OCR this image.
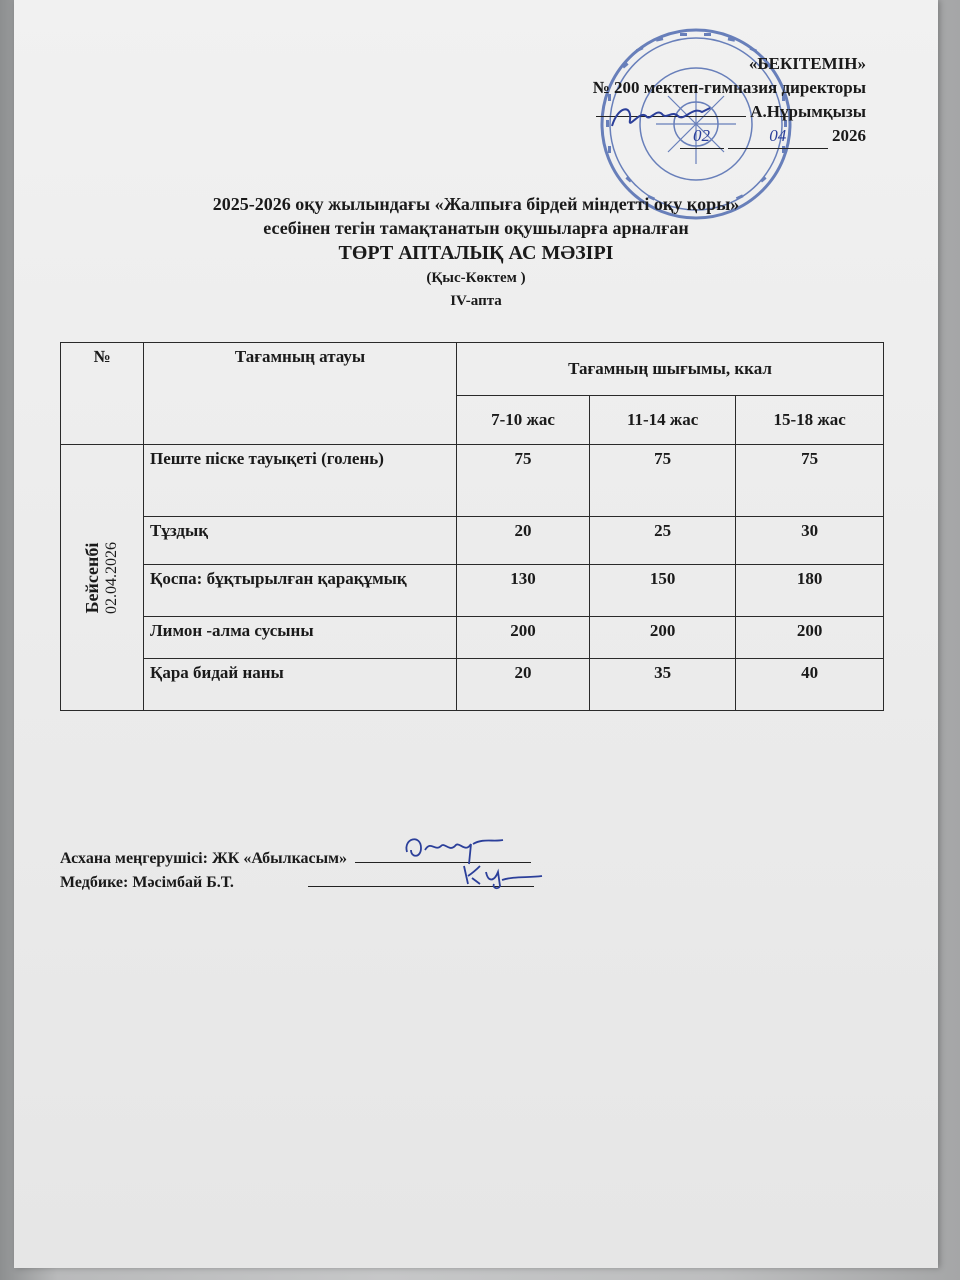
«БЕКІТЕМІН»
№ 200 мектеп-гимназия директоры
А.Нұрымқызы
02	04	2026
2025-2026 оқу жылындағы «Жалпыға бірдей міндетті оқу қоры»
есебінен тегін тамақтанатын оқушыларға арналған
ТӨРТ АПТАЛЫҚ АС МӘЗІРІ
(Қыс-Көктем )
IV-апта
№	Тағамның атауы	Тағамның шығымы, ккал		
		7-10 жас	11-14 жас	15-18 жас

Бейсенбі 02.04.2026	Пеште піске тауықеті (голень)	75	75	75
	Тұздық	20	25	30
	Қоспа: бұқтырылған қарақұмық	130	150	180
	Лимон -алма сусыны	200	200	200
	Қара бидай наны	20	35	40
Асхана меңгерушісі: ЖК «Абылкасым»
Медбике: Мәсімбай Б.Т.
